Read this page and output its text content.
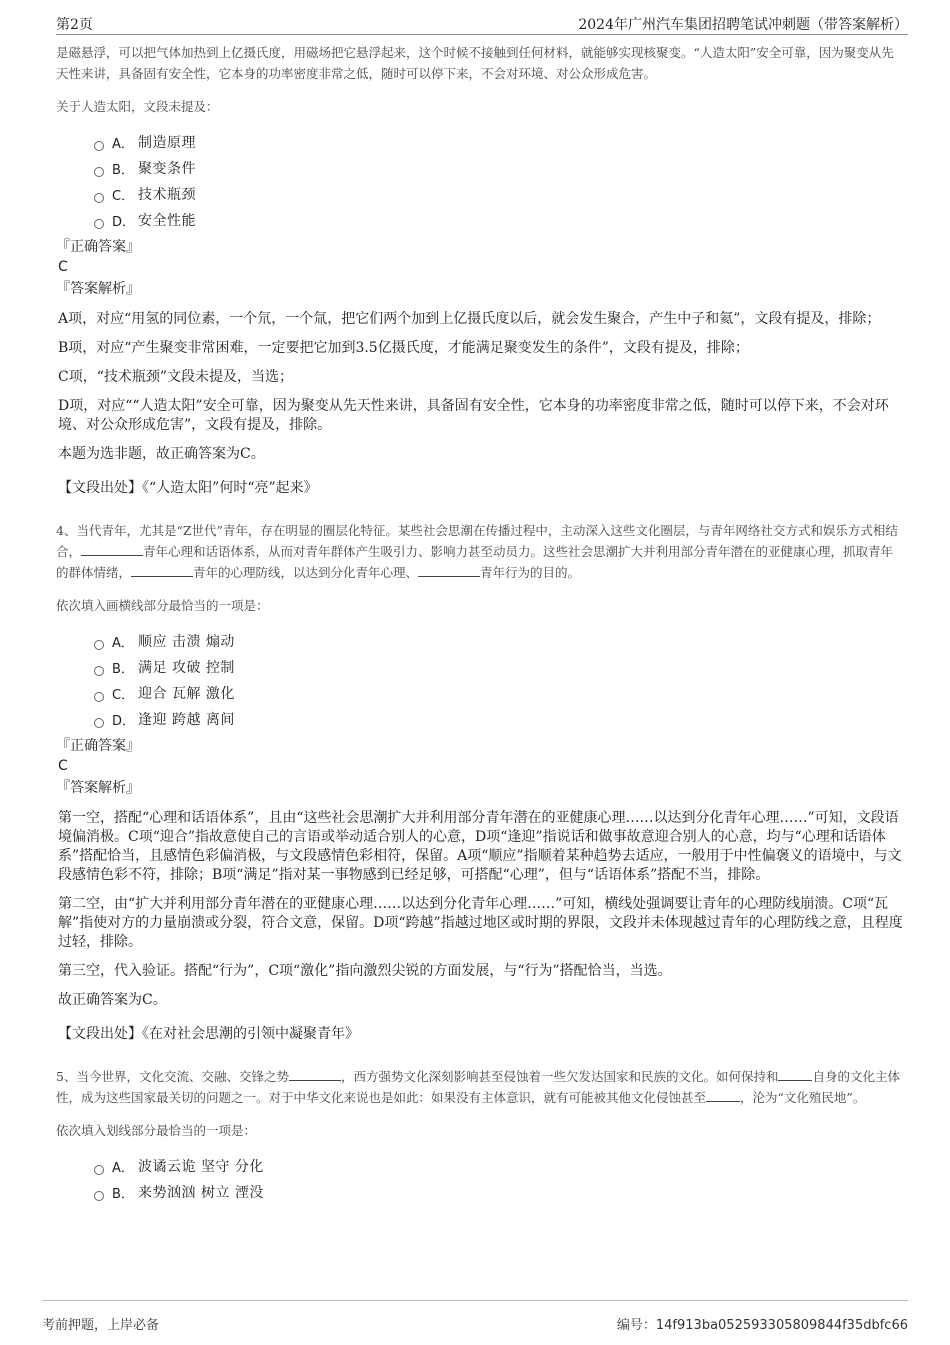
第2页	2024年广州汽车集团招聘笔试冲刺题（带答案解析）

是磁悬浮，可以把气体加热到上亿摄氏度，用磁场把它悬浮起来，这个时候不接触到任何材料，就能够实现核聚变。“人造太阳”安全可靠，因为聚变从先天性来讲，具备固有安全性，它本身的功率密度非常之低，随时可以停下来，不会对环境、对公众形成危害。

关于人造太阳，文段未提及：

A． 制造原理
B． 聚变条件
C． 技术瓶颈
D． 安全性能

『正确答案』

C

『答案解析』

A项，对应“用氢的同位素，一个氘，一个氚，把它们两个加到上亿摄氏度以后，就会发生聚合，产生中子和氦”，文段有提及，排除；

B项，对应“产生聚变非常困难，一定要把它加到3.5亿摄氏度，才能满足聚变发生的条件”，文段有提及，排除；

C项，“技术瓶颈”文段未提及，当选；

D项，对应““人造太阳”安全可靠，因为聚变从先天性来讲，具备固有安全性，它本身的功率密度非常之低，随时可以停下来，不会对环境、对公众形成危害”，文段有提及，排除。

本题为选非题，故正确答案为C。

【文段出处】《“人造太阳”何时“亮”起来》

4、当代青年，尤其是“Z世代”青年，存在明显的圈层化特征。某些社会思潮在传播过程中，主动深入这些文化圈层，与青年网络社交方式和娱乐方式相结合，	青年心理和话语体系，从而对青年群体产生吸引力、影响力甚至动员力。这些社会思潮扩大并利用部分青年潜在的亚健康心理，抓取青年的群体情绪，	青年的心理防线，以达到分化青年心理、	青年行为的目的。

依次填入画横线部分最恰当的一项是：

A． 顺应 击溃 煽动
B． 满足 攻破 控制
C． 迎合 瓦解 激化
D． 逢迎 跨越 离间

『正确答案』

C

『答案解析』

第一空，搭配“心理和话语体系”，且由“这些社会思潮扩大并利用部分青年潜在的亚健康心理……以达到分化青年心理……”可知，文段语境偏消极。C项“迎合”指故意使自己的言语或举动适合别人的心意，D项“逢迎”指说话和做事故意迎合别人的心意，均与“心理和话语体系”搭配恰当，且感情色彩偏消极，与文段感情色彩相符，保留。A项“顺应”指顺着某种趋势去适应，一般用于中性偏褒义的语境中，与文段感情色彩不符，排除；B项“满足”指对某一事物感到已经足够，可搭配“心理”，但与“话语体系”搭配不当，排除。

第二空，由“扩大并利用部分青年潜在的亚健康心理……以达到分化青年心理……”可知，横线处强调要让青年的心理防线崩溃。C项“瓦解”指使对方的力量崩溃或分裂，符合文意，保留。D项“跨越”指越过地区或时期的界限，文段并未体现越过青年的心理防线之意，且程度过轻，排除。

第三空，代入验证。搭配“行为”，C项“激化”指向激烈尖锐的方面发展，与“行为”搭配恰当，当选。

故正确答案为C。

【文段出处】《在对社会思潮的引领中凝聚青年》

5、当今世界，文化交流、交融、交锋之势	，西方强势文化深刻影响甚至侵蚀着一些欠发达国家和民族的文化。如何保持和	自身的文化主体性，成为这些国家最关切的问题之一。对于中华文化来说也是如此：如果没有主体意识，就有可能被其他文化侵蚀甚至	，沦为“文化殖民地”。

依次填入划线部分最恰当的一项是：

A． 波谲云诡 坚守 分化
B． 来势汹汹 树立 湮没
考前押题，上岸必备	编号：14f913ba052593305809844f35dbfc66
